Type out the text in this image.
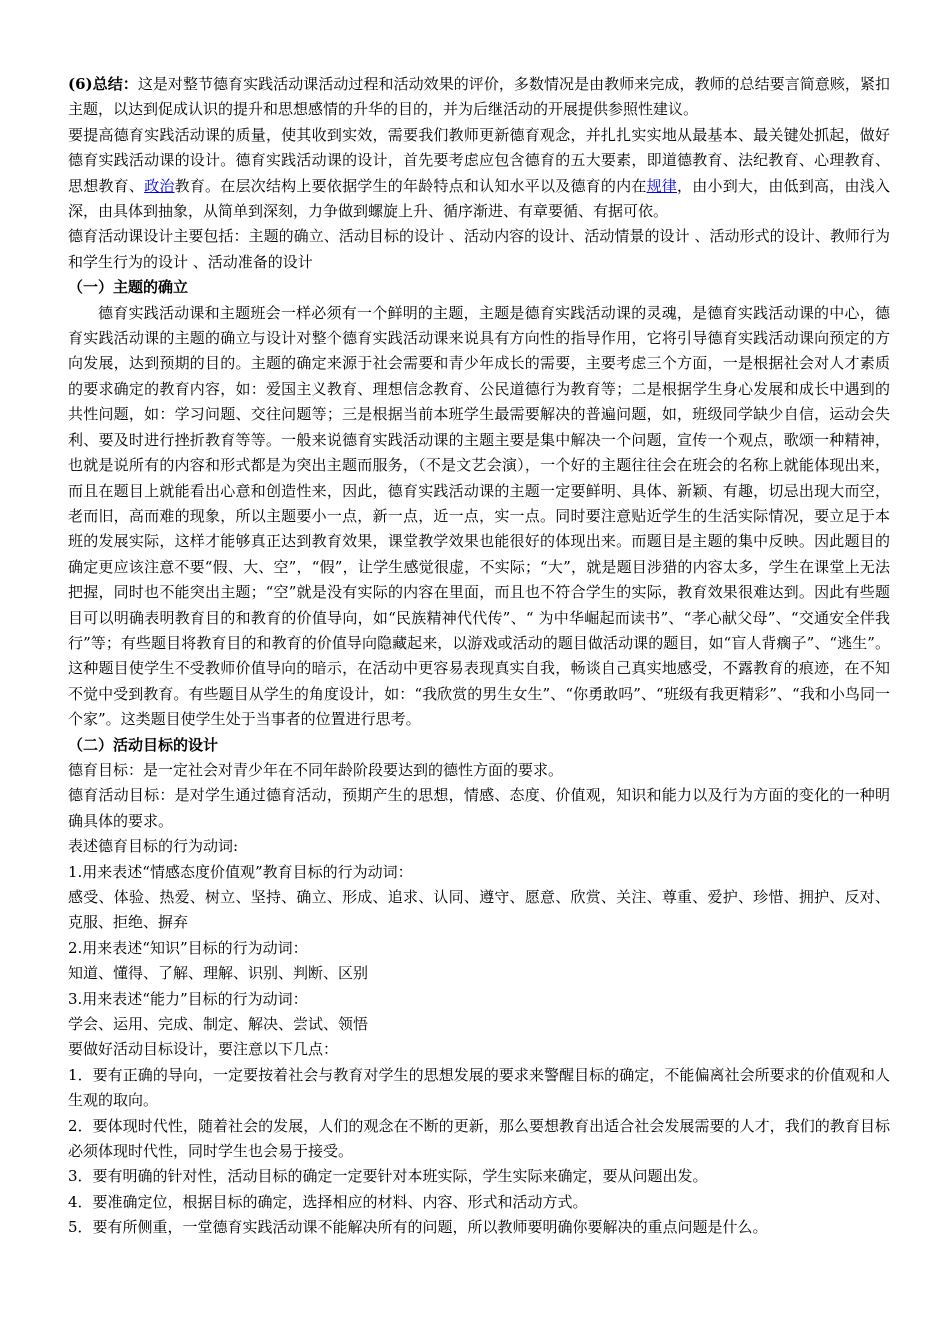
(6)总结：这是对整节德育实践活动课活动过程和活动效果的评价，多数情况是由教师来完成，教师的总结要言简意赅，紧扣主题，以达到促成认识的提升和思想感情的升华的目的，并为后继活动的开展提供参照性建议。

要提高德育实践活动课的质量，使其收到实效，需要我们教师更新德育观念，并扎扎实实地从最基本、最关键处抓起，做好德育实践活动课的设计。德育实践活动课的设计，首先要考虑应包含德育的五大要素，即道德教育、法纪教育、心理教育、思想教育、政治教育。在层次结构上要依据学生的年龄特点和认知水平以及德育的内在规律，由小到大，由低到高，由浅入深，由具体到抽象，从简单到深刻，力争做到螺旋上升、循序渐进、有章要循、有据可依。

德育活动课设计主要包括：主题的确立、活动目标的设计 、活动内容的设计、活动情景的设计 、活动形式的设计、教师行为和学生行为的设计 、活动准备的设计

（一）主题的确立

德育实践活动课和主题班会一样必须有一个鲜明的主题，主题是德育实践活动课的灵魂，是德育实践活动课的中心，德育实践活动课的主题的确立与设计对整个德育实践活动课来说具有方向性的指导作用，它将引导德育实践活动课向预定的方向发展，达到预期的目的。主题的确定来源于社会需要和青少年成长的需要，主要考虑三个方面，一是根据社会对人才素质的要求确定的教育内容，如：爱国主义教育、理想信念教育、公民道德行为教育等；二是根据学生身心发展和成长中遇到的共性问题，如：学习问题、交往问题等；三是根据当前本班学生最需要解决的普遍问题，如，班级同学缺少自信，运动会失利、要及时进行挫折教育等等。一般来说德育实践活动课的主题主要是集中解决一个问题，宣传一个观点，歌颂一种精神，也就是说所有的内容和形式都是为突出主题而服务，（不是文艺会演），一个好的主题往往会在班会的名称上就能体现出来，而且在题目上就能看出心意和创造性来，因此，德育实践活动课的主题一定要鲜明、具体、新颖、有趣，切忌出现大而空，老而旧，高而难的现象，所以主题要小一点，新一点，近一点，实一点。同时要注意贴近学生的生活实际情况，要立足于本班的发展实际，这样才能够真正达到教育效果，课堂教学效果也能很好的体现出来。而题目是主题的集中反映。因此题目的确定更应该注意不要“假、大、空”，“假”，让学生感觉很虚，不实际；“大”，就是题目涉猎的内容太多，学生在课堂上无法把握，同时也不能突出主题；“空”就是没有实际的内容在里面，而且也不符合学生的实际，教育效果很难达到。因此有些题目可以明确表明教育目的和教育的价值导向，如“民族精神代代传”、“ 为中华崛起而读书”、“孝心献父母”、“交通安全伴我行”等；有些题目将教育目的和教育的价值导向隐藏起来，以游戏或活动的题目做活动课的题目，如“盲人背瘸子”、“逃生”。这种题目使学生不受教师价值导向的暗示，在活动中更容易表现真实自我，畅谈自己真实地感受，不露教育的痕迹，在不知不觉中受到教育。有些题目从学生的角度设计，如：“我欣赏的男生女生”、“你勇敢吗”、“班级有我更精彩”、“我和小鸟同一个家”。这类题目使学生处于当事者的位置进行思考。

（二）活动目标的设计

德育目标：是一定社会对青少年在不同年龄阶段要达到的德性方面的要求。

德育活动目标：是对学生通过德育活动，预期产生的思想，情感、态度、价值观，知识和能力以及行为方面的变化的一种明确具体的要求。

表述德育目标的行为动词:

1.用来表述“情感态度价值观”教育目标的行为动词：

感受、体验、热爱、树立、坚持、确立、形成、追求、认同、遵守、愿意、欣赏、关注、尊重、爱护、珍惜、拥护、反对、克服、拒绝、摒弃

2.用来表述“知识”目标的行为动词：

知道、懂得、了解、理解、识别、判断、区别

3.用来表述“能力”目标的行为动词：

学会、运用、完成、制定、解决、尝试、领悟

要做好活动目标设计，要注意以下几点：

1．要有正确的导向，一定要按着社会与教育对学生的思想发展的要求来警醒目标的确定，不能偏离社会所要求的价值观和人生观的取向。

2．要体现时代性，随着社会的发展，人们的观念在不断的更新，那么要想教育出适合社会发展需要的人才，我们的教育目标必须体现时代性，同时学生也会易于接受。

3．要有明确的针对性，活动目标的确定一定要针对本班实际，学生实际来确定，要从问题出发。

4．要准确定位，根据目标的确定，选择相应的材料、内容、形式和活动方式。

5．要有所侧重，一堂德育实践活动课不能解决所有的问题，所以教师要明确你要解决的重点问题是什么。
